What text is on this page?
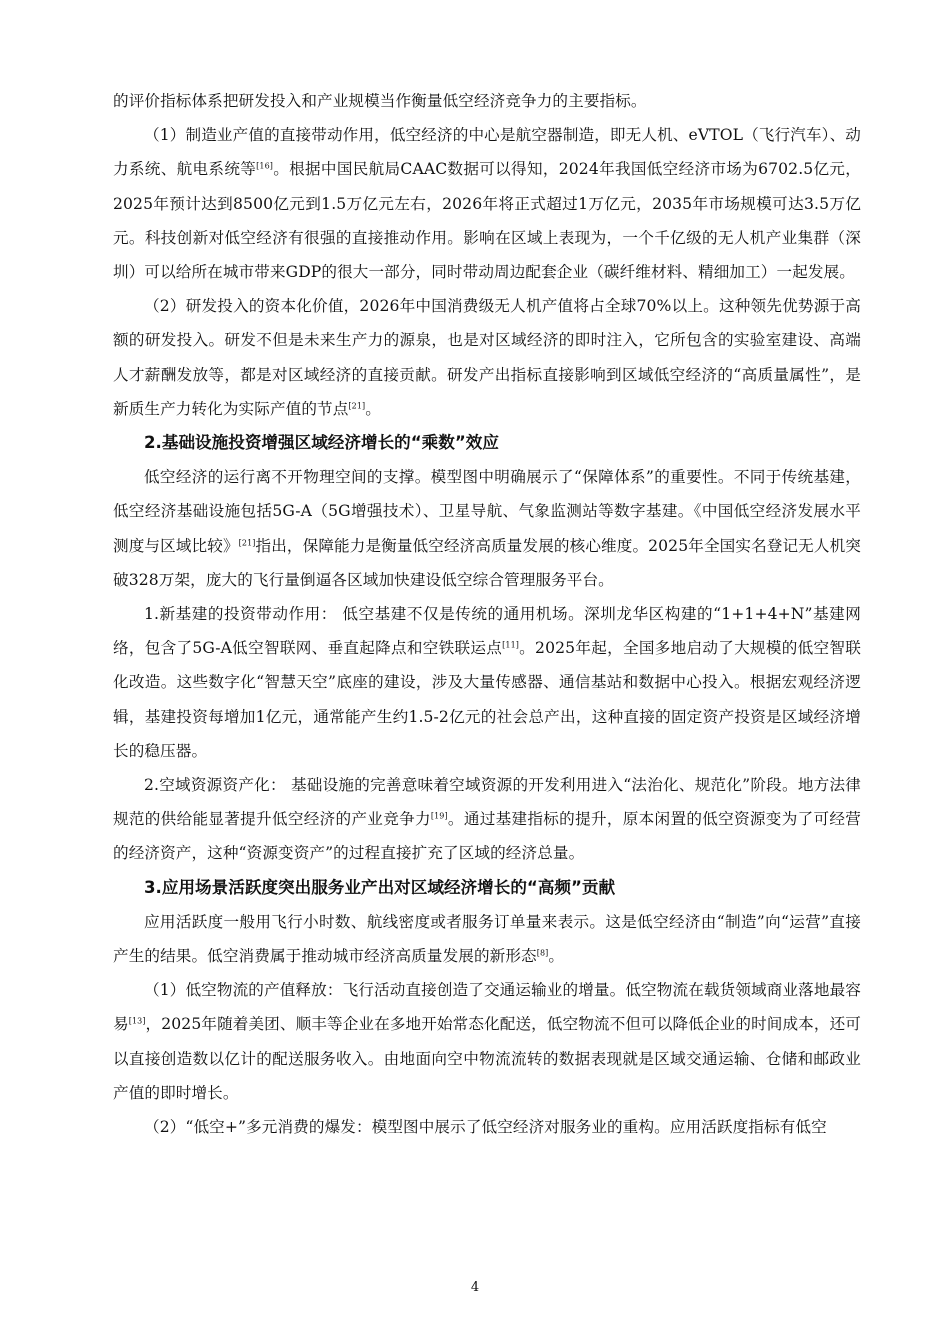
的评价指标体系把研发投入和产业规模当作衡量低空经济竞争力的主要指标。

（1）制造业产值的直接带动作用，低空经济的中心是航空器制造，即无人机、eVTOL（飞行汽车）、动力系统、航电系统等[16]。根据中国民航局CAAC数据可以得知，2024年我国低空经济市场为6702.5亿元，2025年预计达到8500亿元到1.5万亿元左右，2026年将正式超过1万亿元，2035年市场规模可达3.5万亿元。科技创新对低空经济有很强的直接推动作用。影响在区域上表现为，一个千亿级的无人机产业集群（深圳）可以给所在城市带来GDP的很大一部分，同时带动周边配套企业（碳纤维材料、精细加工）一起发展。

（2）研发投入的资本化价值，2026年中国消费级无人机产值将占全球70%以上。这种领先优势源于高额的研发投入。研发不但是未来生产力的源泉，也是对区域经济的即时注入，它所包含的实验室建设、高端人才薪酬发放等，都是对区域经济的直接贡献。研发产出指标直接影响到区域低空经济的“高质量属性”，是新质生产力转化为实际产值的节点[21]。

2.基础设施投资增强区域经济增长的“乘数”效应

低空经济的运行离不开物理空间的支撑。模型图中明确展示了“保障体系”的重要性。不同于传统基建，低空经济基础设施包括5G-A（5G增强技术）、卫星导航、气象监测站等数字基建。《中国低空经济发展水平测度与区域比较》[21]指出，保障能力是衡量低空经济高质量发展的核心维度。2025年全国实名登记无人机突破328万架，庞大的飞行量倒逼各区域加快建设低空综合管理服务平台。

1.新基建的投资带动作用： 低空基建不仅是传统的通用机场。深圳龙华区构建的“1+1+4+N”基建网络，包含了5G-A低空智联网、垂直起降点和空铁联运点[11]。2025年起，全国多地启动了大规模的低空智联化改造。这些数字化“智慧天空”底座的建设，涉及大量传感器、通信基站和数据中心投入。根据宏观经济逻辑，基建投资每增加1亿元，通常能产生约1.5-2亿元的社会总产出，这种直接的固定资产投资是区域经济增长的稳压器。

2.空域资源资产化： 基础设施的完善意味着空域资源的开发利用进入“法治化、规范化”阶段。地方法律规范的供给能显著提升低空经济的产业竞争力[19]。通过基建指标的提升，原本闲置的低空资源变为了可经营的经济资产，这种“资源变资产”的过程直接扩充了区域的经济总量。

3.应用场景活跃度突出服务业产出对区域经济增长的“高频”贡献

应用活跃度一般用飞行小时数、航线密度或者服务订单量来表示。这是低空经济由“制造”向“运营”直接产生的结果。低空消费属于推动城市经济高质量发展的新形态[8]。

（1）低空物流的产值释放：飞行活动直接创造了交通运输业的增量。低空物流在载货领域商业落地最容易[13]，2025年随着美团、顺丰等企业在多地开始常态化配送，低空物流不但可以降低企业的时间成本，还可以直接创造数以亿计的配送服务收入。由地面向空中物流流转的数据表现就是区域交通运输、仓储和邮政业产值的即时增长。

（2）“低空+”多元消费的爆发：模型图中展示了低空经济对服务业的重构。应用活跃度指标有低空

4
